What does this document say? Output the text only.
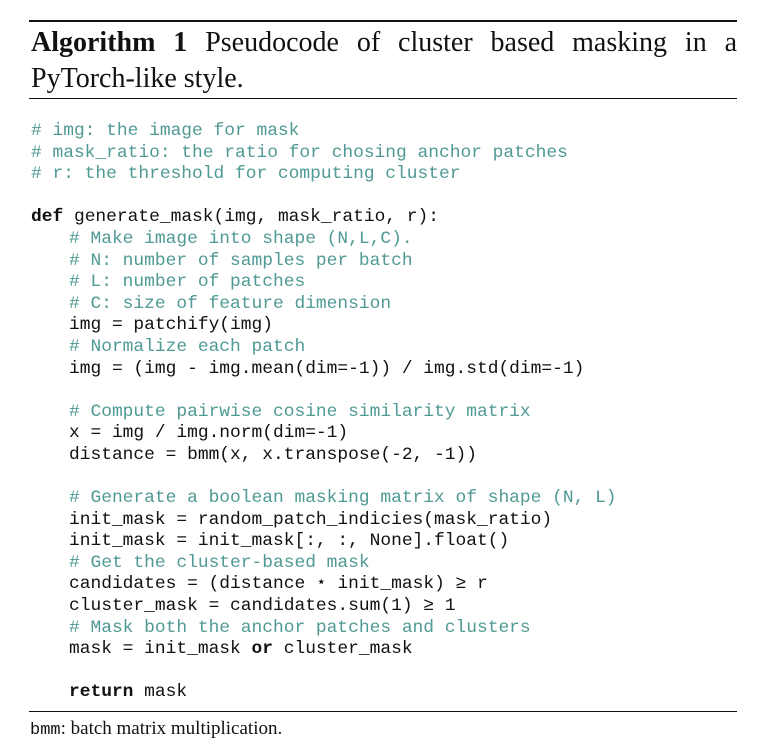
Algorithm 1 Pseudocode of cluster based masking in a PyTorch-like style.
# img: the image for mask
# mask_ratio: the ratio for chosing anchor patches
# r: the threshold for computing cluster
def generate_mask(img, mask_ratio, r):
# Make image into shape (N,L,C).
# N: number of samples per batch
# L: number of patches
# C: size of feature dimension
img = patchify(img)
# Normalize each patch
img = (img - img.mean(dim=-1)) / img.std(dim=-1)
# Compute pairwise cosine similarity matrix
x = img / img.norm(dim=-1)
distance = bmm(x, x.transpose(-2, -1))
# Generate a boolean masking matrix of shape (N, L)
init_mask = random_patch_indicies(mask_ratio)
init_mask = init_mask[:, :, None].float()
# Get the cluster-based mask
candidates = (distance ⋆ init_mask) ≥ r
cluster_mask = candidates.sum(1) ≥ 1
# Mask both the anchor patches and clusters
mask = init_mask or cluster_mask
return mask
bmm: batch matrix multiplication.
